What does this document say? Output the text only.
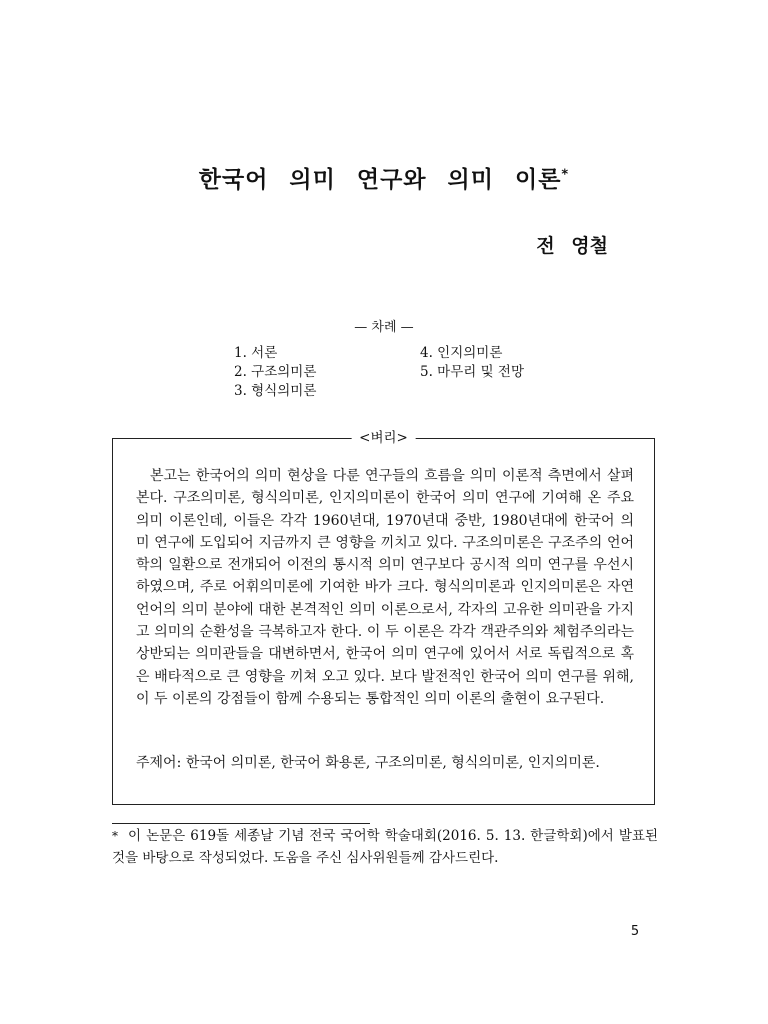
한국어 의미 연구와 의미 이론*
전 영철
— 차례 —
1. 서론
2. 구조의미론
3. 형식의미론
4. 인지의미론
5. 마무리 및 전망
<벼리>
본고는 한국어의 의미 현상을 다룬 연구들의 흐름을 의미 이론적 측면에서 살펴본다. 구조의미론, 형식의미론, 인지의미론이 한국어 의미 연구에 기여해 온 주요 의미 이론인데, 이들은 각각 1960년대, 1970년대 중반, 1980년대에 한국어 의미 연구에 도입되어 지금까지 큰 영향을 끼치고 있다. 구조의미론은 구조주의 언어학의 일환으로 전개되어 이전의 통시적 의미 연구보다 공시적 의미 연구를 우선시하였으며, 주로 어휘의미론에 기여한 바가 크다. 형식의미론과 인지의미론은 자연언어의 의미 분야에 대한 본격적인 의미 이론으로서, 각자의 고유한 의미관을 가지고 의미의 순환성을 극복하고자 한다. 이 두 이론은 각각 객관주의와 체험주의라는 상반되는 의미관들을 대변하면서, 한국어 의미 연구에 있어서 서로 독립적으로 혹은 배타적으로 큰 영향을 끼쳐 오고 있다. 보다 발전적인 한국어 의미 연구를 위해, 이 두 이론의 강점들이 함께 수용되는 통합적인 의미 이론의 출현이 요구된다.
주제어: 한국어 의미론, 한국어 화용론, 구조의미론, 형식의미론, 인지의미론.
* 이 논문은 619돌 세종날 기념 전국 국어학 학술대회(2016. 5. 13. 한글학회)에서 발표된 것을 바탕으로 작성되었다. 도움을 주신 심사위원들께 감사드린다.
5
